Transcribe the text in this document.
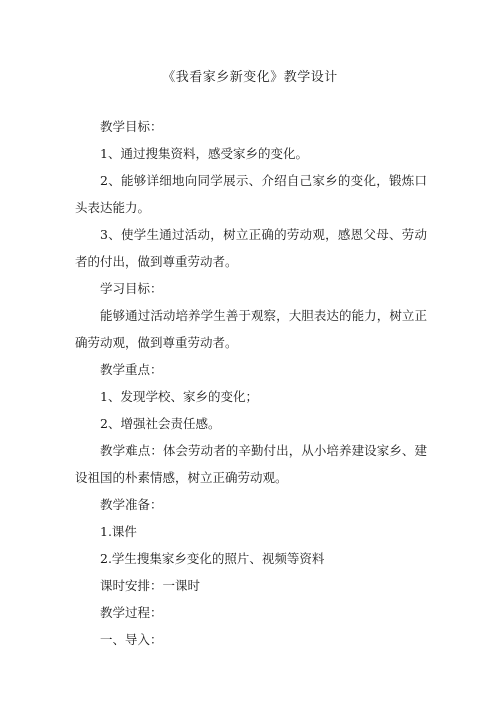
《我看家乡新变化》教学设计

教学目标：

1、通过搜集资料，感受家乡的变化。

2、能够详细地向同学展示、介绍自己家乡的变化，锻炼口头表达能力。

3、使学生通过活动，树立正确的劳动观，感恩父母、劳动者的付出，做到尊重劳动者。

学习目标：

能够通过活动培养学生善于观察，大胆表达的能力，树立正确劳动观，做到尊重劳动者。

教学重点：

1、发现学校、家乡的变化；

2、增强社会责任感。

教学难点：体会劳动者的辛勤付出，从小培养建设家乡、建设祖国的朴素情感，树立正确劳动观。

教学准备：

1.课件

2.学生搜集家乡变化的照片、视频等资料

课时安排：一课时

教学过程：

一、导入：
